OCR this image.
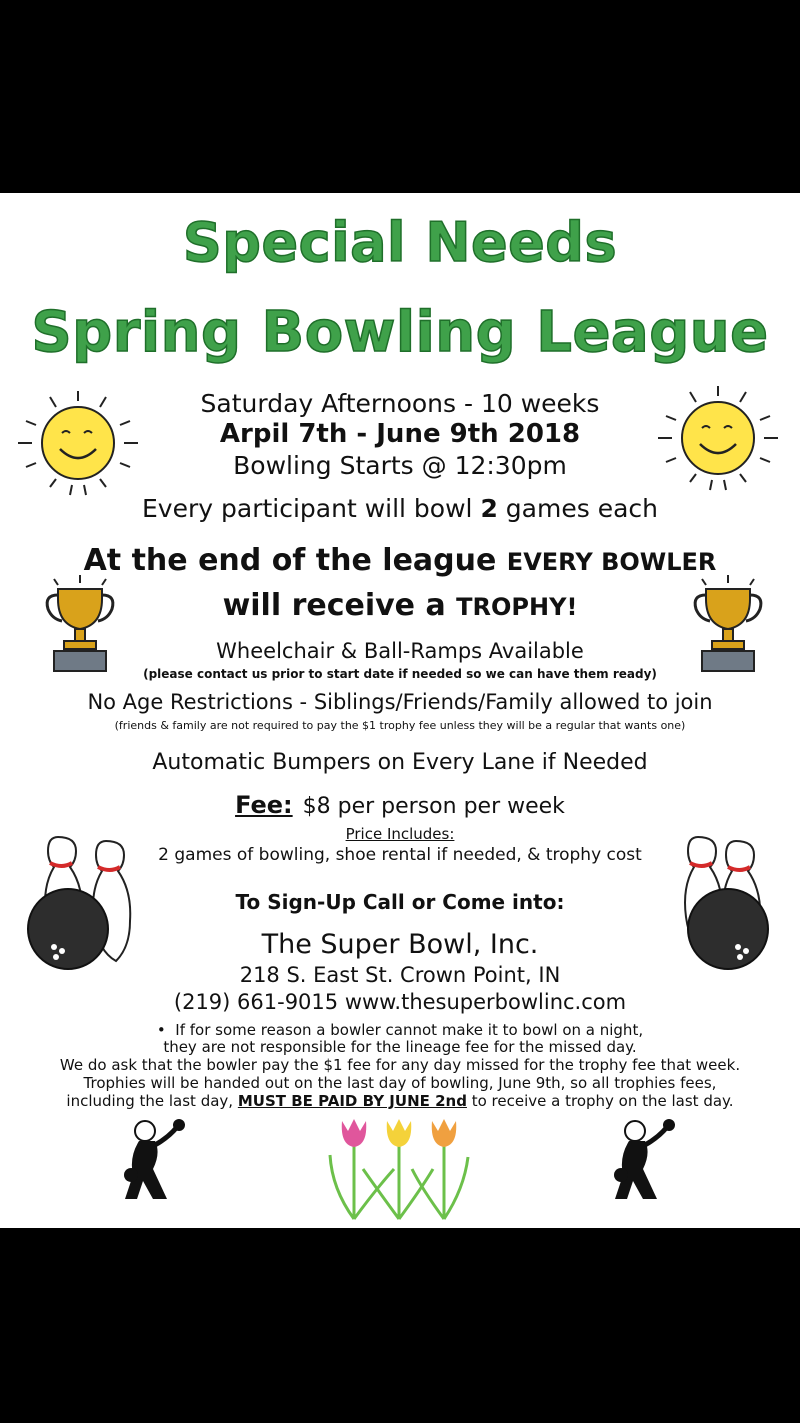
Special Needs
Spring Bowling League
Saturday Afternoons - 10 weeks
Arpil 7th - June 9th 2018
Bowling Starts @ 12:30pm
Every participant will bowl 2 games each
At the end of the league EVERY BOWLER
will receive a TROPHY!
Wheelchair & Ball-Ramps Available
(please contact us prior to start date if needed so we can have them ready)
No Age Restrictions - Siblings/Friends/Family allowed to join
(friends & family are not required to pay the $1 trophy fee unless they will be a regular that wants one)
Automatic Bumpers on Every Lane if Needed
Fee: $8 per person per week
Price Includes:
2 games of bowling, shoe rental if needed, & trophy cost
To Sign-Up Call or Come into:
The Super Bowl, Inc.
218 S. East St. Crown Point, IN
(219) 661-9015 www.thesuperbowlinc.com
•  If for some reason a bowler cannot make it to bowl on a night,
they are not responsible for the lineage fee for the missed day.
We do ask that the bowler pay the $1 fee for any day missed for the trophy fee that week.
Trophies will be handed out on the last day of bowling, June 9th, so all trophies fees,
including the last day, MUST BE PAID BY JUNE 2nd to receive a trophy on the last day.
